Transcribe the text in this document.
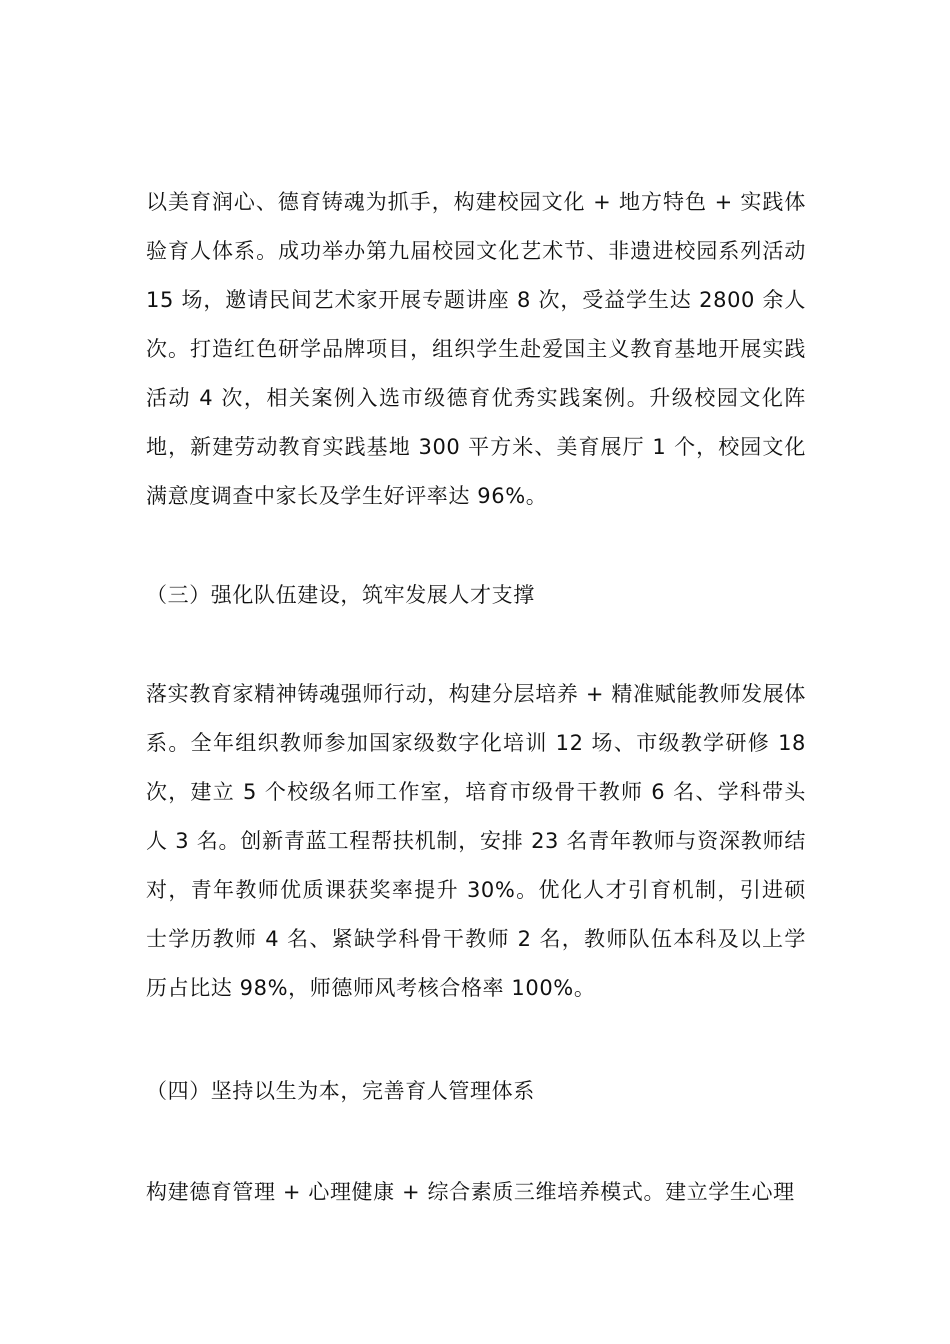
以美育润心、德育铸魂为抓手，构建校园文化 + 地方特色 + 实践体验育人体系。成功举办第九届校园文化艺术节、非遗进校园系列活动 15 场，邀请民间艺术家开展专题讲座 8 次，受益学生达 2800 余人次。打造红色研学品牌项目，组织学生赴爱国主义教育基地开展实践活动 4 次，相关案例入选市级德育优秀实践案例。升级校园文化阵地，新建劳动教育实践基地 300 平方米、美育展厅 1 个，校园文化满意度调查中家长及学生好评率达 96%。

（三）强化队伍建设，筑牢发展人才支撑

落实教育家精神铸魂强师行动，构建分层培养 + 精准赋能教师发展体系。全年组织教师参加国家级数字化培训 12 场、市级教学研修 18 次，建立 5 个校级名师工作室，培育市级骨干教师 6 名、学科带头人 3 名。创新青蓝工程帮扶机制，安排 23 名青年教师与资深教师结对，青年教师优质课获奖率提升 30%。优化人才引育机制，引进硕士学历教师 4 名、紧缺学科骨干教师 2 名，教师队伍本科及以上学历占比达 98%，师德师风考核合格率 100%。

（四）坚持以生为本，完善育人管理体系

构建德育管理 + 心理健康 + 综合素质三维培养模式。建立学生心理
